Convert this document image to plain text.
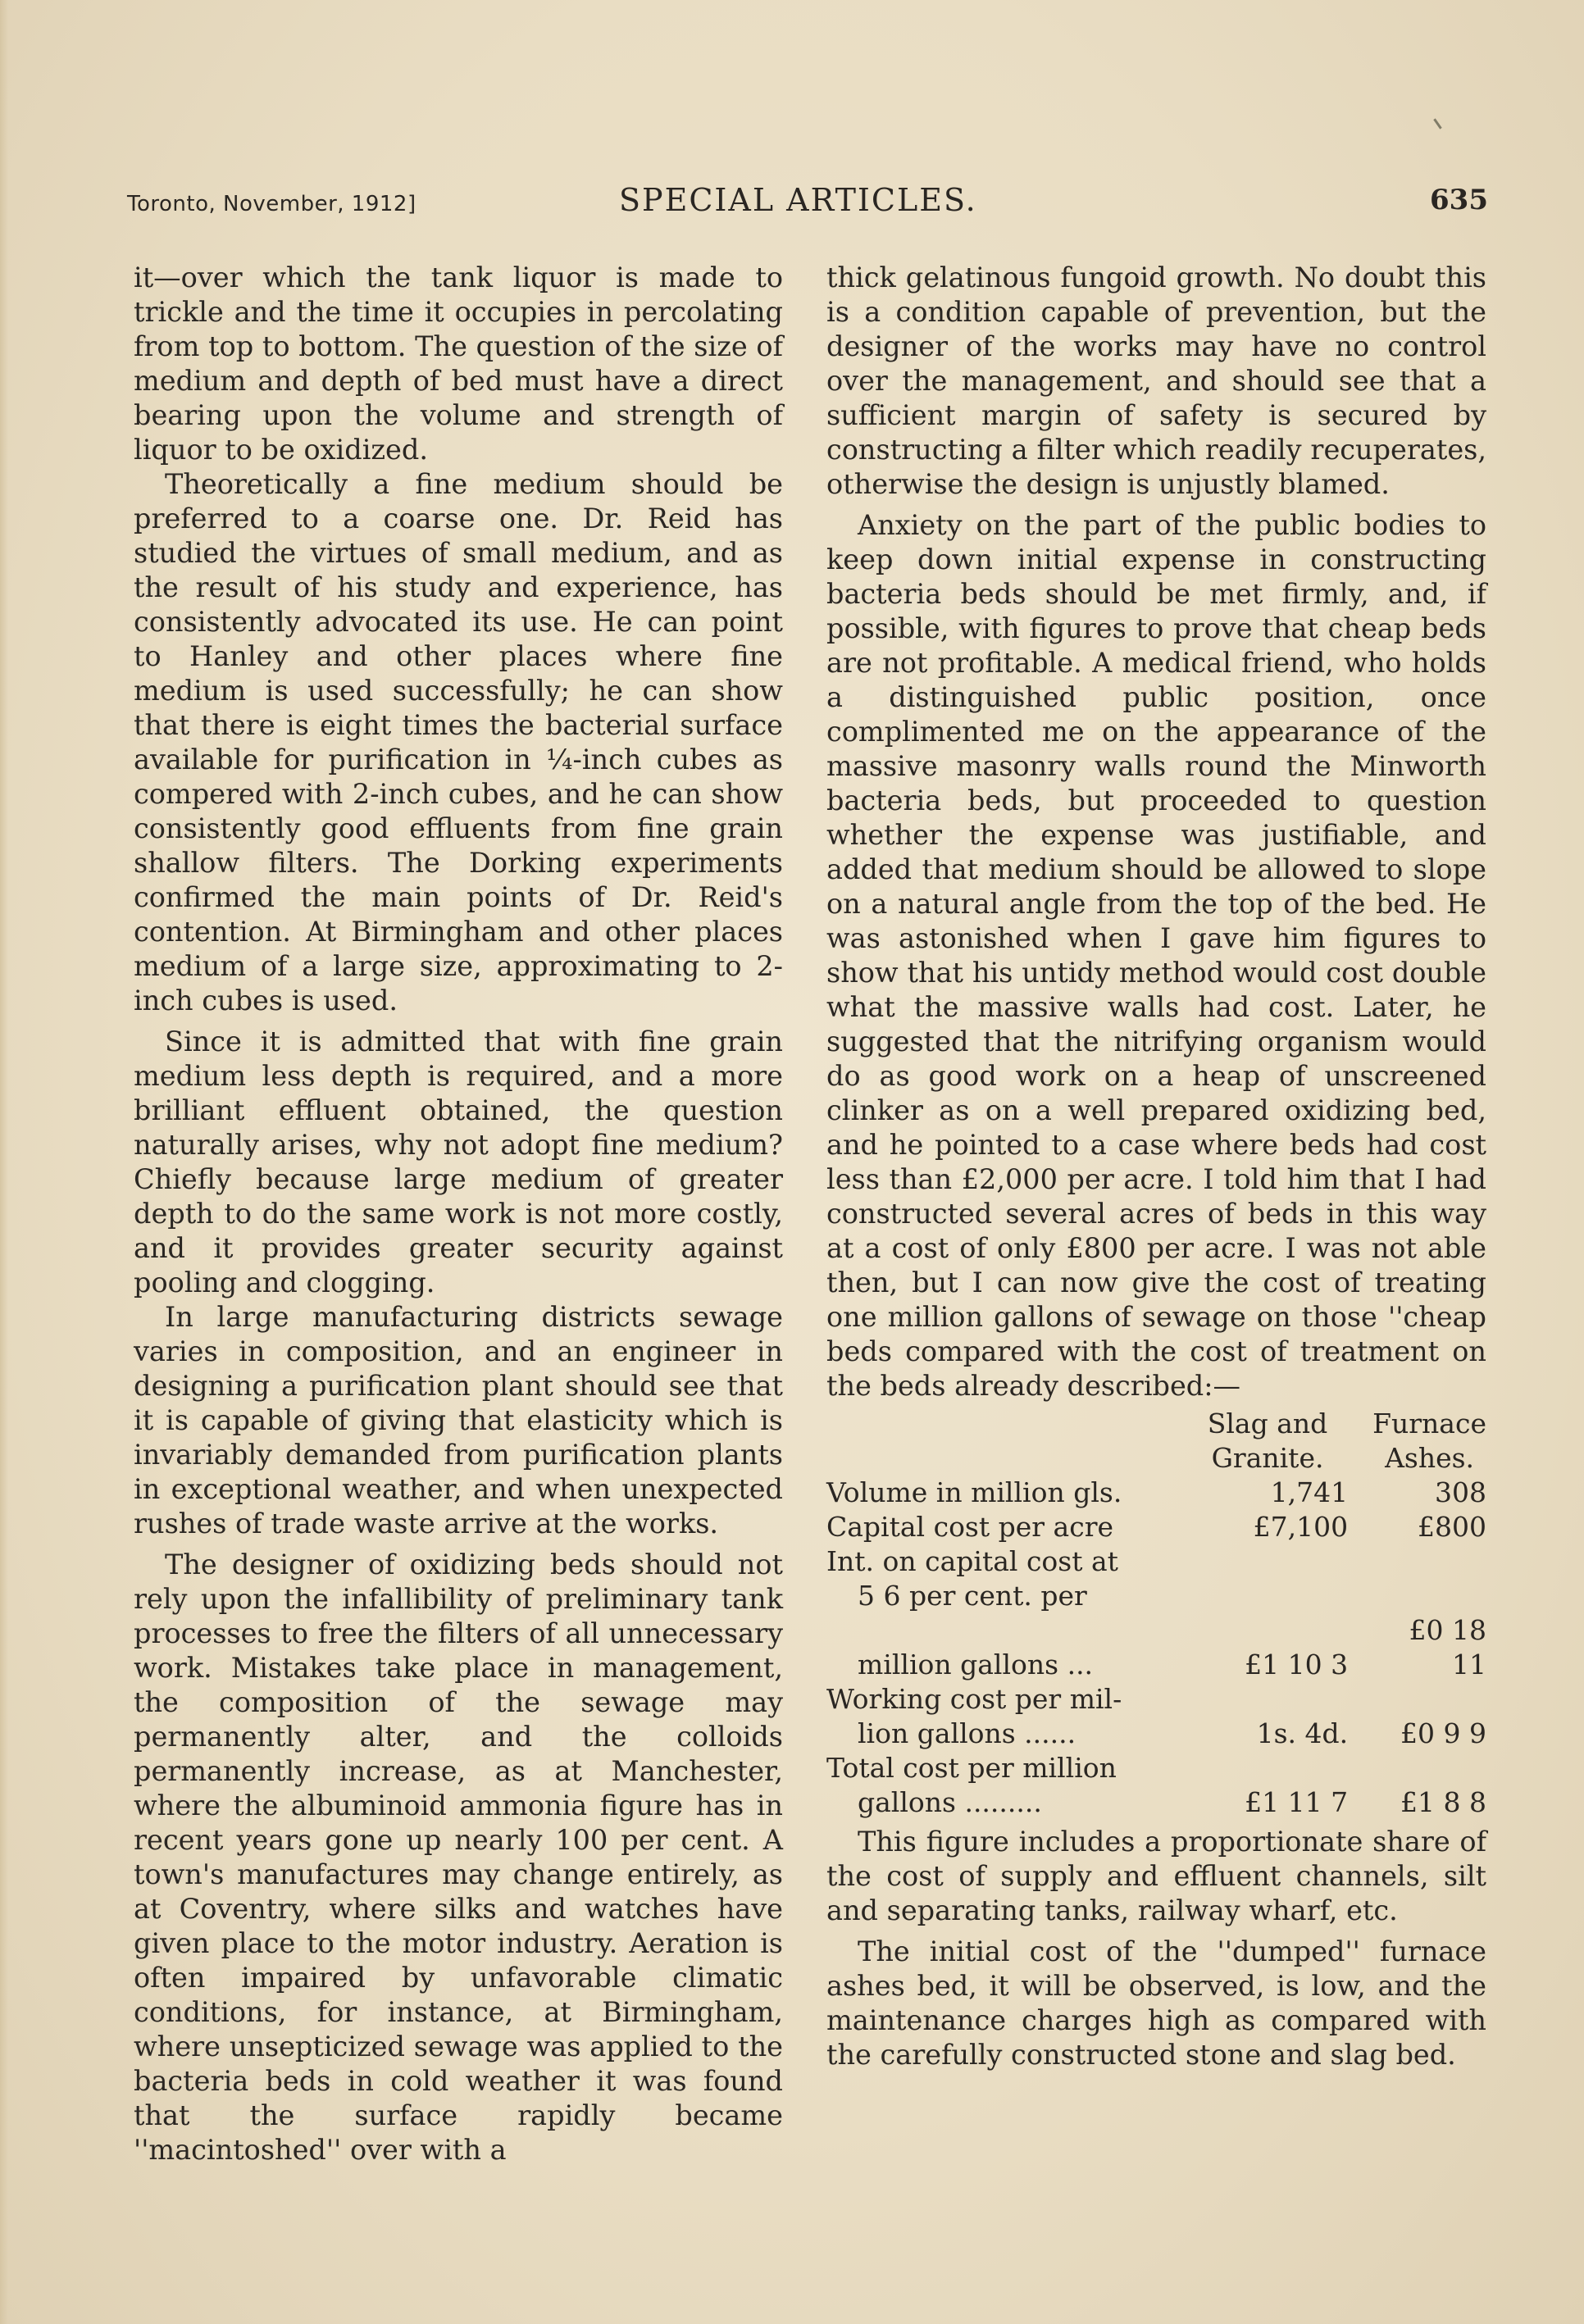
Toronto, November, 1912]	SPECIAL ARTICLES.	635

it—over which the tank liquor is made to trickle and the time it occupies in percolating from top to bottom. The question of the size of medium and depth of bed must have a direct bearing upon the volume and strength of liquor to be oxidized.

Theoretically a fine medium should be preferred to a coarse one. Dr. Reid has studied the virtues of small medium, and as the result of his study and experience, has consistently advocated its use. He can point to Hanley and other places where fine medium is used successfully; he can show that there is eight times the bacterial surface available for purification in ¼-inch cubes as compered with 2-inch cubes, and he can show consistently good effluents from fine grain shallow filters. The Dorking experiments confirmed the main points of Dr. Reid's contention. At Birmingham and other places medium of a large size, approximating to 2-inch cubes is used.

Since it is admitted that with fine grain medium less depth is required, and a more brilliant effluent obtained, the question naturally arises, why not adopt fine medium? Chiefly because large medium of greater depth to do the same work is not more costly, and it provides greater security against pooling and clogging.

In large manufacturing districts sewage varies in composition, and an engineer in designing a purification plant should see that it is capable of giving that elasticity which is invariably demanded from purification plants in exceptional weather, and when unexpected rushes of trade waste arrive at the works.

The designer of oxidizing beds should not rely upon the infallibility of preliminary tank processes to free the filters of all unnecessary work. Mistakes take place in management, the composition of the sewage may permanently alter, and the colloids permanently increase, as at Manchester, where the albuminoid ammonia figure has in recent years gone up nearly 100 per cent. A town's manufactures may change entirely, as at Coventry, where silks and watches have given place to the motor industry. Aeration is often impaired by unfavorable climatic conditions, for instance, at Birmingham, where unsepticized sewage was applied to the bacteria beds in cold weather it was found that the surface rapidly became ''macintoshed'' over with a

thick gelatinous fungoid growth. No doubt this is a condition capable of prevention, but the designer of the works may have no control over the management, and should see that a sufficient margin of safety is secured by constructing a filter which readily recuperates, otherwise the design is unjustly blamed.

Anxiety on the part of the public bodies to keep down initial expense in constructing bacteria beds should be met firmly, and, if possible, with figures to prove that cheap beds are not profitable. A medical friend, who holds a distinguished public position, once complimented me on the appearance of the massive masonry walls round the Minworth bacteria beds, but proceeded to question whether the expense was justifiable, and added that medium should be allowed to slope on a natural angle from the top of the bed. He was astonished when I gave him figures to show that his untidy method would cost double what the massive walls had cost. Later, he suggested that the nitrifying organism would do as good work on a heap of unscreened clinker as on a well prepared oxidizing bed, and he pointed to a case where beds had cost less than £2,000 per acre. I told him that I had constructed several acres of beds in this way at a cost of only £800 per acre. I was not able then, but I can now give the cost of treating one million gallons of sewage on those ''cheap beds compared with the cost of treatment on the beds already described:—

	Slag and	Furnace
	Granite.	Ashes.
Volume in million gls.	1,741	308
Capital cost per acre	£7,100	£800
Int. on capital cost at		
5 6 per cent. per		
million gallons ...	£1 10 3	£0 18 11
Working cost per mil-		
lion gallons ......	1s. 4d.	£0 9 9
Total cost per million		
gallons .........	£1 11 7	£1 8 8

This figure includes a proportionate share of the cost of supply and effluent channels, silt and separating tanks, railway wharf, etc.

The initial cost of the ''dumped'' furnace ashes bed, it will be observed, is low, and the maintenance charges high as compared with the carefully constructed stone and slag bed.
